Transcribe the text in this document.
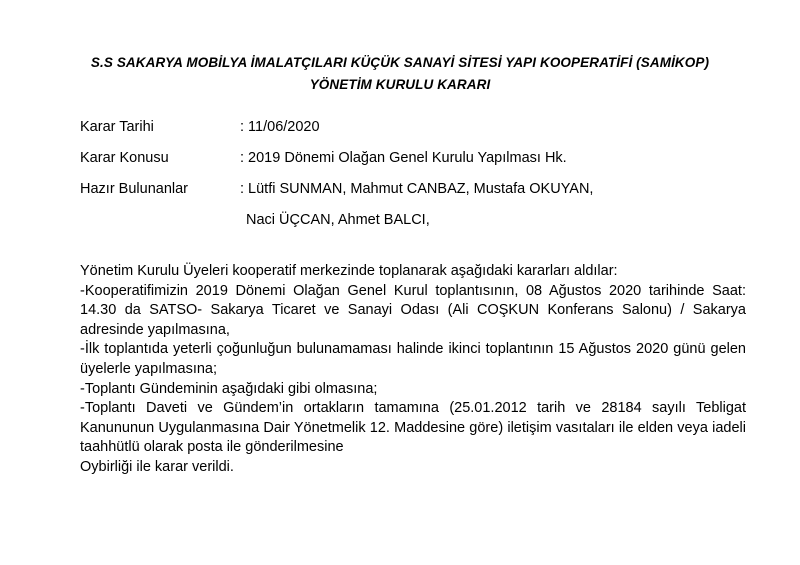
S.S SAKARYA MOBİLYA İMALATÇILARI KÜÇÜK SANAYİ SİTESİ YAPI KOOPERATİFİ (SAMİKOP)
YÖNETİM KURULU KARARI
Karar Tarihi	: 11/06/2020
Karar Konusu	: 2019 Dönemi Olağan Genel Kurulu Yapılması Hk.
Hazır Bulunanlar	: Lütfi SUNMAN, Mahmut CANBAZ, Mustafa OKUYAN,
Naci ÜÇCAN, Ahmet BALCI,

Yönetim Kurulu Üyeleri kooperatif merkezinde toplanarak aşağıdaki kararları aldılar:

-Kooperatifimizin 2019 Dönemi Olağan Genel Kurul toplantısının, 08 Ağustos 2020 tarihinde Saat: 14.30 da SATSO- Sakarya Ticaret ve Sanayi Odası (Ali COŞKUN Konferans Salonu) / Sakarya adresinde yapılmasına,

-İlk toplantıda yeterli çoğunluğun bulunamaması halinde ikinci toplantının 15 Ağustos 2020 günü gelen üyelerle yapılmasına;

-Toplantı Gündeminin aşağıdaki gibi olmasına;

-Toplantı Daveti ve Gündem’in ortakların tamamına (25.01.2012 tarih ve 28184 sayılı Tebligat Kanununun Uygulanmasına Dair Yönetmelik 12. Maddesine göre) iletişim vasıtaları ile elden veya iadeli taahhütlü olarak posta ile gönderilmesine

Oybirliği ile karar verildi.
